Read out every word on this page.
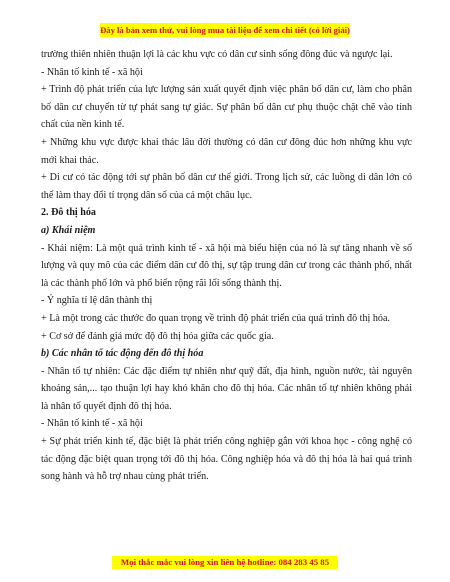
Đây là bản xem thử, vui lòng mua tài liệu để xem chi tiết (có lời giải)

trường thiên nhiên thuận lợi là các khu vực có dân cư sinh sống đông đúc và ngược lại.

- Nhân tố kinh tế - xã hội

+ Trình độ phát triển của lực lượng sản xuất quyết định việc phân bố dân cư, làm cho phân bố dân cư chuyển từ tự phát sang tự giác. Sự phân bố dân cư phụ thuộc chặt chẽ vào tính chất của nền kinh tế.

+ Những khu vực được khai thác lâu đời thường có dân cư đông đúc hơn những khu vực mới khai thác.

+ Di cư có tác động tới sự phân bố dân cư thế giới. Trong lịch sử, các luồng di dân lớn có thể làm thay đổi tỉ trọng dân số của cả một châu lục.

2. Đô thị hóa

a) Khái niệm

- Khái niệm: Là một quá trình kinh tế - xã hội mà biểu hiện của nó là sự tăng nhanh về số lượng và quy mô của các điểm dân cư đô thị, sự tập trung dân cư trong các thành phố, nhất là các thành phố lớn và phổ biến rộng rãi lối sống thành thị.

- Ý nghĩa tỉ lệ dân thành thị

+ Là một trong các thước đo quan trọng về trình độ phát triển của quá trình đô thị hóa.

+ Cơ sở để đánh giá mức độ đô thị hóa giữa các quốc gia.

b) Các nhân tố tác động đến đô thị hóa

- Nhân tố tự nhiên: Các đặc điểm tự nhiên như quỹ đất, địa hình, nguồn nước, tài nguyên khoáng sản,... tạo thuận lợi hay khó khăn cho đô thị hóa. Các nhân tố tự nhiên không phải là nhân tố quyết định đô thị hóa.

- Nhân tố kinh tế - xã hội

+ Sự phát triển kinh tế, đặc biệt là phát triển công nghiệp gắn với khoa học - công nghệ có tác động đặc biệt quan trọng tới đô thị hóa. Công nghiệp hóa và đô thị hóa là hai quá trình song hành và hỗ trợ nhau cùng phát triển.

Mọi thắc mắc vui lòng xin liên hệ hotline: 084 283 45 85
